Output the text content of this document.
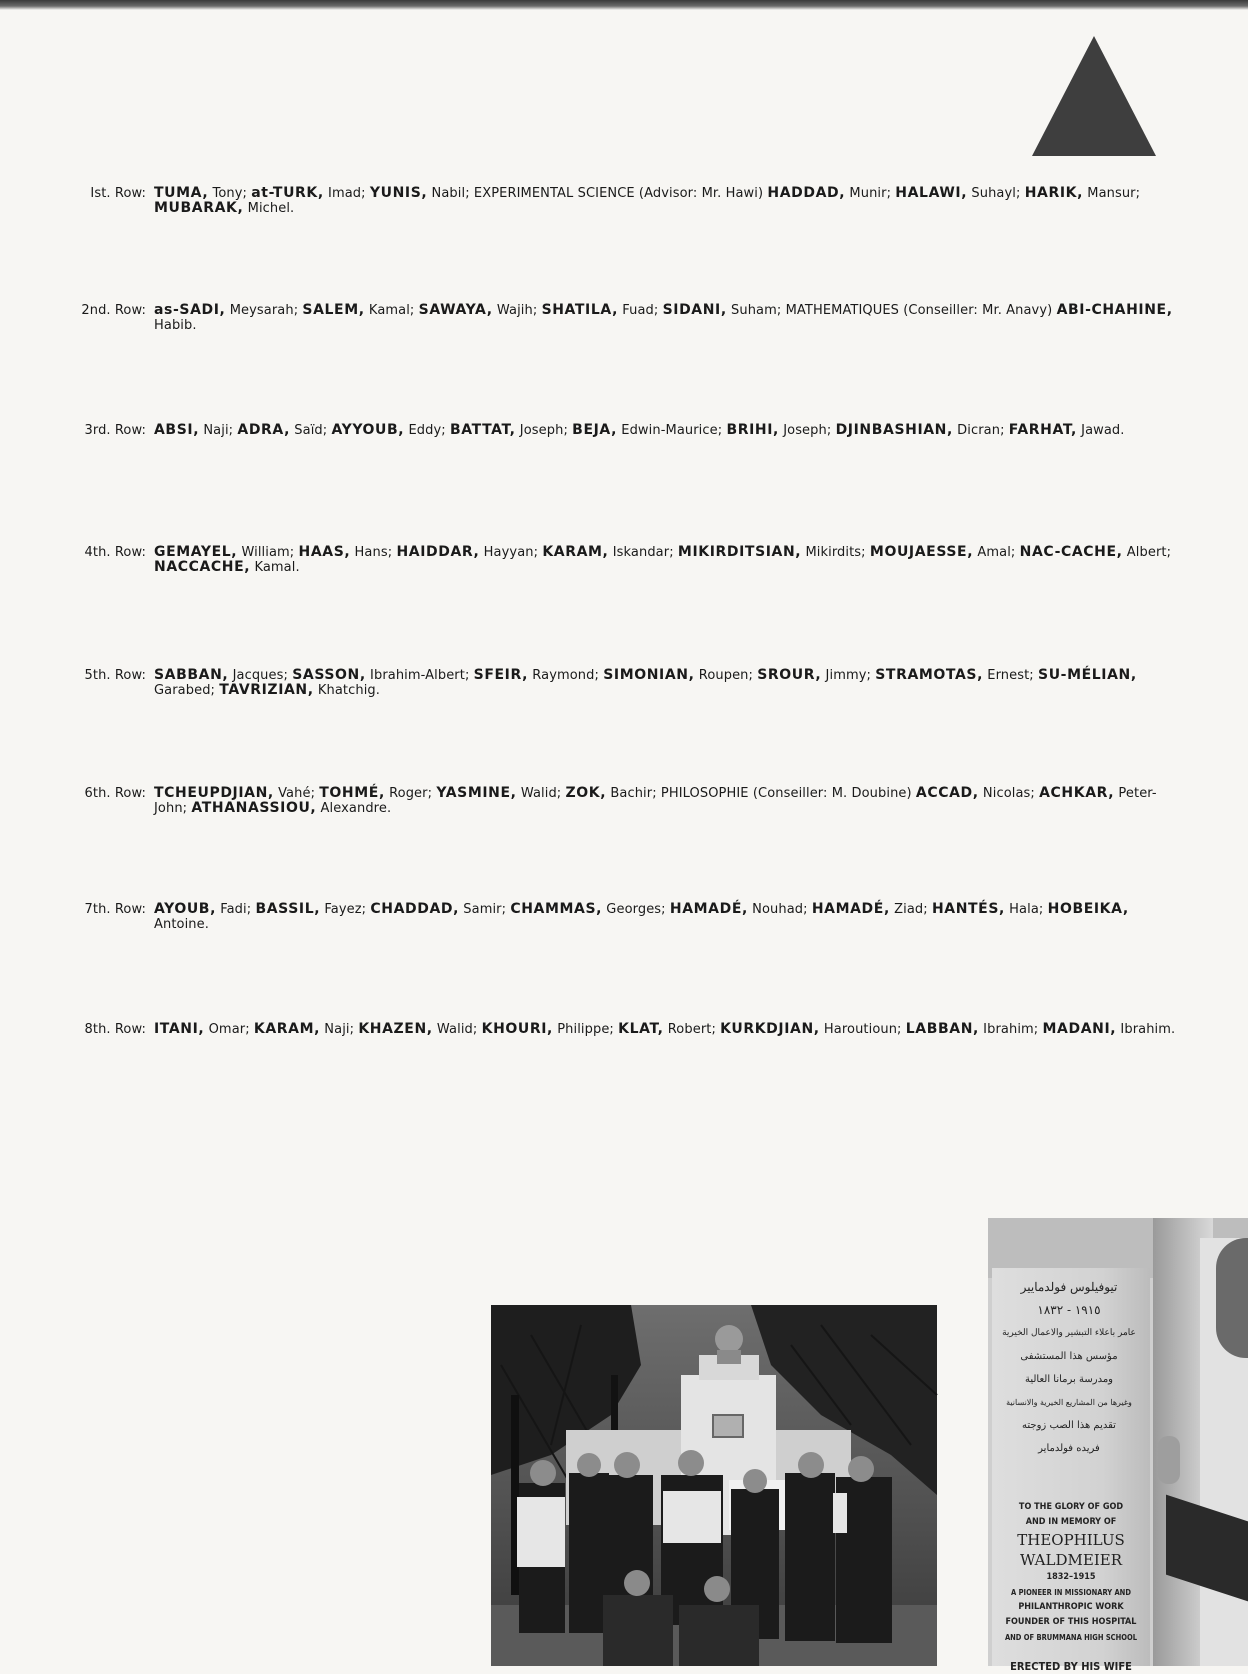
Ist. Row: TUMA, Tony; at-TURK, Imad; YUNIS, Nabil; EXPERIMENTAL SCIENCE (Advisor: Mr. Hawi) HADDAD, Munir; HALAWI, Suhayl; HARIK, Mansur; MUBARAK, Michel.
2nd. Row: as-SADI, Meysarah; SALEM, Kamal; SAWAYA, Wajih; SHATILA, Fuad; SIDANI, Suham; MATHEMATIQUES (Conseiller: Mr. Anavy) ABI-CHAHINE, Habib.
3rd. Row: ABSI, Naji; ADRA, Saïd; AYYOUB, Eddy; BATTAT, Joseph; BEJA, Edwin-Maurice; BRIHI, Joseph; DJINBASHIAN, Dicran; FARHAT, Jawad.
4th. Row: GEMAYEL, William; HAAS, Hans; HAIDDAR, Hayyan; KARAM, Iskandar; MIKIRDITSIAN, Mikirdits; MOUJAESSE, Amal; NAC-CACHE, Albert; NACCACHE, Kamal.
5th. Row: SABBAN, Jacques; SASSON, Ibrahim-Albert; SFEIR, Raymond; SIMONIAN, Roupen; SROUR, Jimmy; STRAMOTAS, Ernest; SU-MÉLIAN, Garabed; TAVRIZIAN, Khatchig.
6th. Row: TCHEUPDJIAN, Vahé; TOHMÉ, Roger; YASMINE, Walid; ZOK, Bachir; PHILOSOPHIE (Conseiller: M. Doubine) ACCAD, Nicolas; ACHKAR, Peter-John; ATHANASSIOU, Alexandre.
7th. Row: AYOUB, Fadi; BASSIL, Fayez; CHADDAD, Samir; CHAMMAS, Georges; HAMADÉ, Nouhad; HAMADÉ, Ziad; HANTÉS, Hala; HOBEIKA, Antoine.
8th. Row: ITANI, Omar; KARAM, Naji; KHAZEN, Walid; KHOURI, Philippe; KLAT, Robert; KURKDJIAN, Haroutioun; LABBAN, Ibrahim; MADANI, Ibrahim.
تيوفيلوس فولدمايير
١٩١٥ - ١٨٣٢
عامر باعلاء التبشير والاعمال الخيرية
مؤسس هذا المستشفى
ومدرسة برمانا العالية
وغيرها من المشاريع الخيرية والانسانية
تقديم هذا الصب زوجته
فريده فولدماير
TO THE GLORY OF GOD
AND IN MEMORY OF
THEOPHILUS WALDMEIER
1832–1915
A PIONEER IN MISSIONARY AND
PHILANTHROPIC WORK
FOUNDER OF THIS HOSPITAL
AND OF BRUMMANA HIGH SCHOOL
ERECTED BY HIS WIFE
